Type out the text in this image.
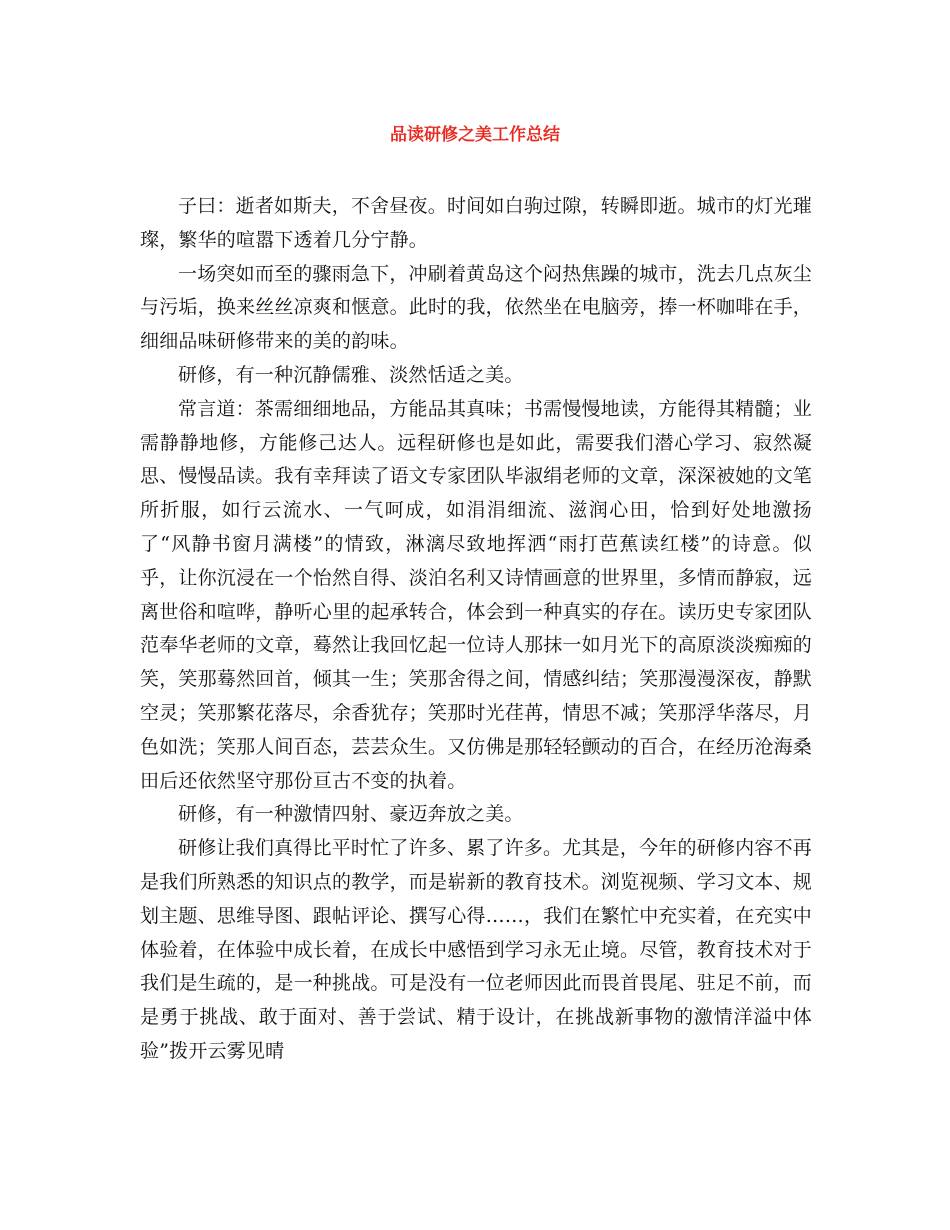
品读研修之美工作总结

子曰：逝者如斯夫，不舍昼夜。时间如白驹过隙，转瞬即逝。城市的灯光璀璨，繁华的喧嚣下透着几分宁静。

一场突如而至的骤雨急下，冲刷着黄岛这个闷热焦躁的城市，洗去几点灰尘与污垢，换来丝丝凉爽和惬意。此时的我，依然坐在电脑旁，捧一杯咖啡在手，细细品味研修带来的美的韵味。

研修，有一种沉静儒雅、淡然恬适之美。

常言道：茶需细细地品，方能品其真味；书需慢慢地读，方能得其精髓；业需静静地修，方能修己达人。远程研修也是如此，需要我们潜心学习、寂然凝思、慢慢品读。我有幸拜读了语文专家团队毕淑绢老师的文章，深深被她的文笔所折服，如行云流水、一气呵成，如涓涓细流、滋润心田，恰到好处地激扬了“风静书窗月满楼”的情致，淋漓尽致地挥洒“雨打芭蕉读红楼”的诗意。似乎，让你沉浸在一个怡然自得、淡泊名利又诗情画意的世界里，多情而静寂，远离世俗和喧哗，静听心里的起承转合，体会到一种真实的存在。读历史专家团队范奉华老师的文章，蓦然让我回忆起一位诗人那抹一如月光下的高原淡淡痴痴的笑，笑那蓦然回首，倾其一生；笑那舍得之间，情感纠结；笑那漫漫深夜，静默空灵；笑那繁花落尽，余香犹存；笑那时光荏苒，情思不减；笑那浮华落尽，月色如洗；笑那人间百态，芸芸众生。又仿佛是那轻轻颤动的百合，在经历沧海桑田后还依然坚守那份亘古不变的执着。

研修，有一种激情四射、豪迈奔放之美。

研修让我们真得比平时忙了许多、累了许多。尤其是，今年的研修内容不再是我们所熟悉的知识点的教学，而是崭新的教育技术。浏览视频、学习文本、规划主题、思维导图、跟帖评论、撰写心得……，我们在繁忙中充实着，在充实中体验着，在体验中成长着，在成长中感悟到学习永无止境。尽管，教育技术对于我们是生疏的，是一种挑战。可是没有一位老师因此而畏首畏尾、驻足不前，而是勇于挑战、敢于面对、善于尝试、精于设计，在挑战新事物的激情洋溢中体验”拨开云雾见晴
